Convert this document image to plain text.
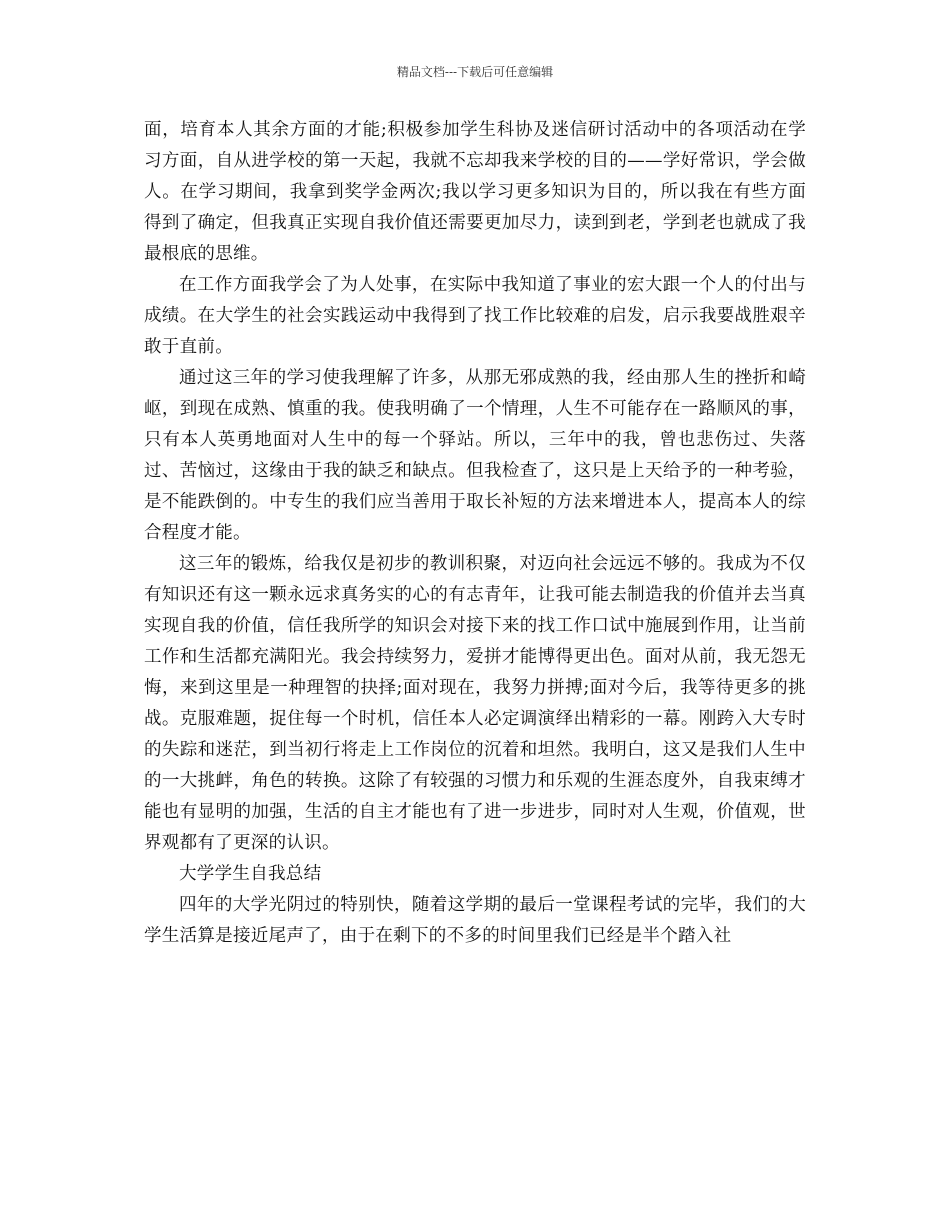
精品文档---下载后可任意编辑

面，培育本人其余方面的才能;积极参加学生科协及迷信研讨活动中的各项活动在学习方面，自从进学校的第一天起，我就不忘却我来学校的目的——学好常识，学会做人。在学习期间，我拿到奖学金两次;我以学习更多知识为目的，所以我在有些方面得到了确定，但我真正实现自我价值还需要更加尽力，读到到老，学到老也就成了我最根底的思维。

在工作方面我学会了为人处事，在实际中我知道了事业的宏大跟一个人的付出与成绩。在大学生的社会实践运动中我得到了找工作比较难的启发，启示我要战胜艰辛敢于直前。

通过这三年的学习使我理解了许多，从那无邪成熟的我，经由那人生的挫折和崎岖，到现在成熟、慎重的我。使我明确了一个情理，人生不可能存在一路顺风的事，只有本人英勇地面对人生中的每一个驿站。所以，三年中的我，曾也悲伤过、失落过、苦恼过，这缘由于我的缺乏和缺点。但我检查了，这只是上天给予的一种考验，是不能跌倒的。中专生的我们应当善用于取长补短的方法来增进本人，提高本人的综合程度才能。

这三年的锻炼，给我仅是初步的教训积聚，对迈向社会远远不够的。我成为不仅有知识还有这一颗永远求真务实的心的有志青年，让我可能去制造我的价值并去当真实现自我的价值，信任我所学的知识会对接下来的找工作口试中施展到作用，让当前工作和生活都充满阳光。我会持续努力，爱拼才能博得更出色。面对从前，我无怨无悔，来到这里是一种理智的抉择;面对现在，我努力拼搏;面对今后，我等待更多的挑战。克服难题，捉住每一个时机，信任本人必定调演绎出精彩的一幕。刚跨入大专时的失踪和迷茫，到当初行将走上工作岗位的沉着和坦然。我明白，这又是我们人生中的一大挑衅，角色的转换。这除了有较强的习惯力和乐观的生涯态度外，自我束缚才能也有显明的加强，生活的自主才能也有了进一步进步，同时对人生观，价值观，世界观都有了更深的认识。

大学学生自我总结

四年的大学光阴过的特别快，随着这学期的最后一堂课程考试的完毕，我们的大学生活算是接近尾声了，由于在剩下的不多的时间里我们已经是半个踏入社
